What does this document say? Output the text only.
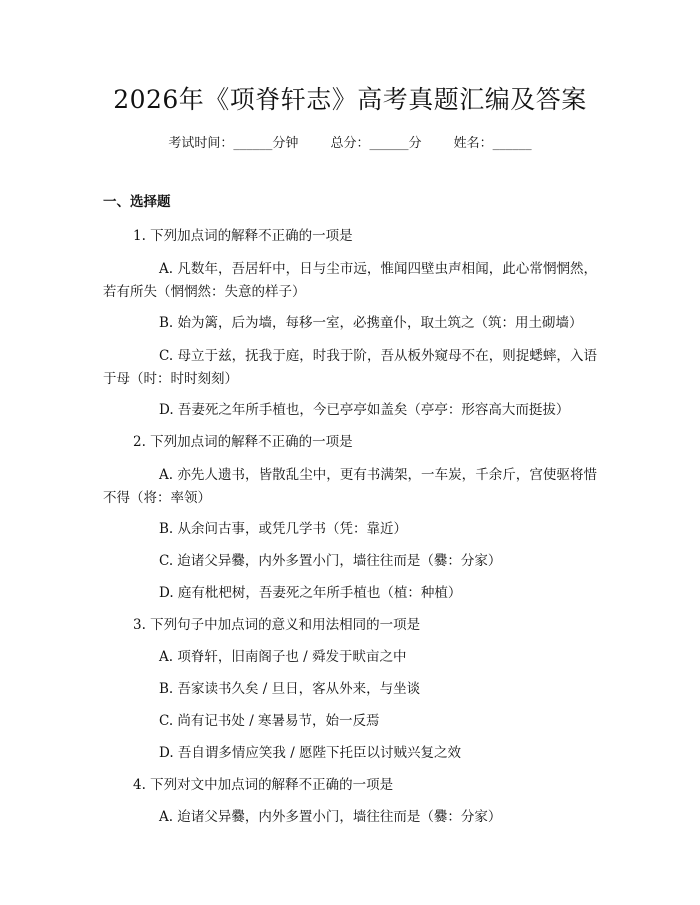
2026年《项脊轩志》高考真题汇编及答案
考试时间：______分钟 总分：______分 姓名：______
一、选择题
1. 下列加点词的解释不正确的一项是
A. 凡数年，吾居轩中，日与尘市远，惟闻四壁虫声相闻，此心常惘惘然，若有所失（惘惘然：失意的样子）
B. 始为篱，后为墙，每移一室，必携童仆，取土筑之（筑：用土砌墙）
C. 母立于兹，抚我于庭，时我于阶，吾从板外窥母不在，则捉蟋蟀，入语于母（时：时时刻刻）
D. 吾妻死之年所手植也，今已亭亭如盖矣（亭亭：形容高大而挺拔）
2. 下列加点词的解释不正确的一项是
A. 亦先人遗书，皆散乱尘中，更有书满架，一车炭，千余斤，宫使驱将惜不得（将：率领）
B. 从余问古事，或凭几学书（凭：靠近）
C. 迨诸父异爨，内外多置小门，墙往往而是（爨：分家）
D. 庭有枇杷树，吾妻死之年所手植也（植：种植）
3. 下列句子中加点词的意义和用法相同的一项是
A. 项脊轩，旧南阁子也 / 舜发于畎亩之中
B. 吾家读书久矣 / 旦日，客从外来，与坐谈
C. 尚有记书处 / 寒暑易节，始一反焉
D. 吾自谓多情应笑我 / 愿陛下托臣以讨贼兴复之效
4. 下列对文中加点词的解释不正确的一项是
A. 迨诸父异爨，内外多置小门，墙往往而是（爨：分家）
